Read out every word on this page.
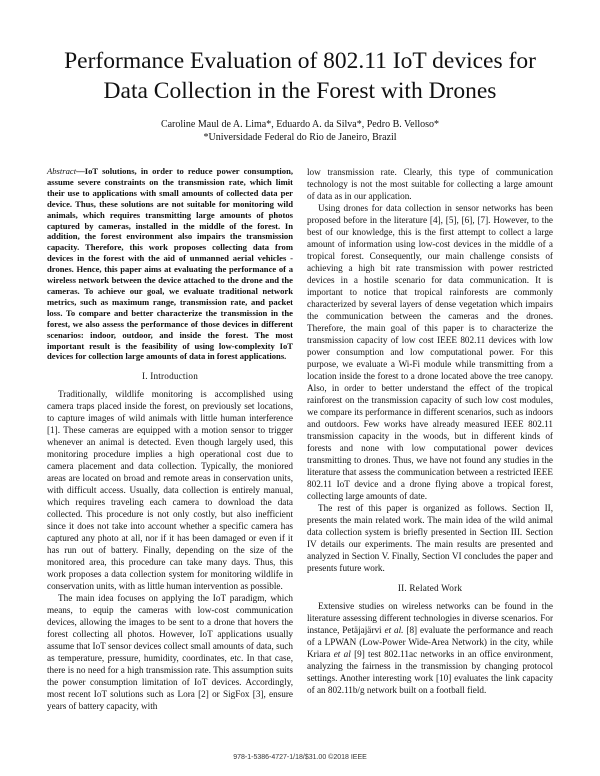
Performance Evaluation of 802.11 IoT devices for Data Collection in the Forest with Drones
Caroline Maul de A. Lima*, Eduardo A. da Silva*, Pedro B. Velloso*
*Universidade Federal do Rio de Janeiro, Brazil

Abstract—IoT solutions, in order to reduce power consumption, assume severe constraints on the transmission rate, which limit their use to applications with small amounts of collected data per device. Thus, these solutions are not suitable for monitoring wild animals, which requires transmitting large amounts of photos captured by cameras, installed in the middle of the forest. In addition, the forest environment also impairs the transmission capacity. Therefore, this work proposes collecting data from devices in the forest with the aid of unmanned aerial vehicles - drones. Hence, this paper aims at evaluating the performance of a wireless network between the device attached to the drone and the cameras. To achieve our goal, we evaluate traditional network metrics, such as maximum range, transmission rate, and packet loss. To compare and better characterize the transmission in the forest, we also assess the performance of those devices in different scenarios: indoor, outdoor, and inside the forest. The most important result is the feasibility of using low-complexity IoT devices for collection large amounts of data in forest applications.

I. Introduction

Traditionally, wildlife monitoring is accomplished using camera traps placed inside the forest, on previously set locations, to capture images of wild animals with little human interference [1]. These cameras are equipped with a motion sensor to trigger whenever an animal is detected. Even though largely used, this monitoring procedure implies a high operational cost due to camera placement and data collection. Typically, the moniored areas are located on broad and remote areas in conservation units, with difficult access. Usually, data collection is entirely manual, which requires traveling each camera to download the data collected. This procedure is not only costly, but also inefficient since it does not take into account whether a specific camera has captured any photo at all, nor if it has been damaged or even if it has run out of battery. Finally, depending on the size of the monitored area, this procedure can take many days. Thus, this work proposes a data collection system for monitoring wildlife in conservation units, with as little human intervention as possible.

The main idea focuses on applying the IoT paradigm, which means, to equip the cameras with low-cost communication devices, allowing the images to be sent to a drone that hovers the forest collecting all photos. However, IoT applications usually assume that IoT sensor devices collect small amounts of data, such as temperature, pressure, humidity, coordinates, etc. In that case, there is no need for a high transmission rate. This assumption suits the power consumption limitation of IoT devices. Accordingly, most recent IoT solutions such as Lora [2] or SigFox [3], ensure years of battery capacity, with

low transmission rate. Clearly, this type of communication technology is not the most suitable for collecting a large amount of data as in our application.

Using drones for data collection in sensor networks has been proposed before in the literature [4], [5], [6], [7]. However, to the best of our knowledge, this is the first attempt to collect a large amount of information using low-cost devices in the middle of a tropical forest. Consequently, our main challenge consists of achieving a high bit rate transmission with power restricted devices in a hostile scenario for data communication. It is important to notice that tropical rainforests are commonly characterized by several layers of dense vegetation which impairs the communication between the cameras and the drones. Therefore, the main goal of this paper is to characterize the transmission capacity of low cost IEEE 802.11 devices with low power consumption and low computational power. For this purpose, we evaluate a Wi-Fi module while transmitting from a location inside the forest to a drone located above the tree canopy. Also, in order to better understand the effect of the tropical rainforest on the transmission capacity of such low cost modules, we compare its performance in different scenarios, such as indoors and outdoors. Few works have already measured IEEE 802.11 transmission capacity in the woods, but in different kinds of forests and none with low computational power devices transmitting to drones. Thus, we have not found any studies in the literature that assess the communication between a restricted IEEE 802.11 IoT device and a drone flying above a tropical forest, collecting large amounts of date.

The rest of this paper is organized as follows. Section II, presents the main related work. The main idea of the wild animal data collection system is briefly presented in Section III. Section IV details our experiments. The main results are presented and analyzed in Section V. Finally, Section VI concludes the paper and presents future work.

II. Related Work

Extensive studies on wireless networks can be found in the literature assessing different technologies in diverse scenarios. For instance, Petäjajärvi et al. [8] evaluate the performance and reach of a LPWAN (Low-Power Wide-Area Network) in the city, while Kriara et al [9] test 802.11ac networks in an office environment, analyzing the fairness in the transmission by changing protocol settings. Another interesting work [10] evaluates the link capacity of an 802.11b/g network built on a football field.

978-1-5386-4727-1/18/$31.00 ©2018 IEEE
